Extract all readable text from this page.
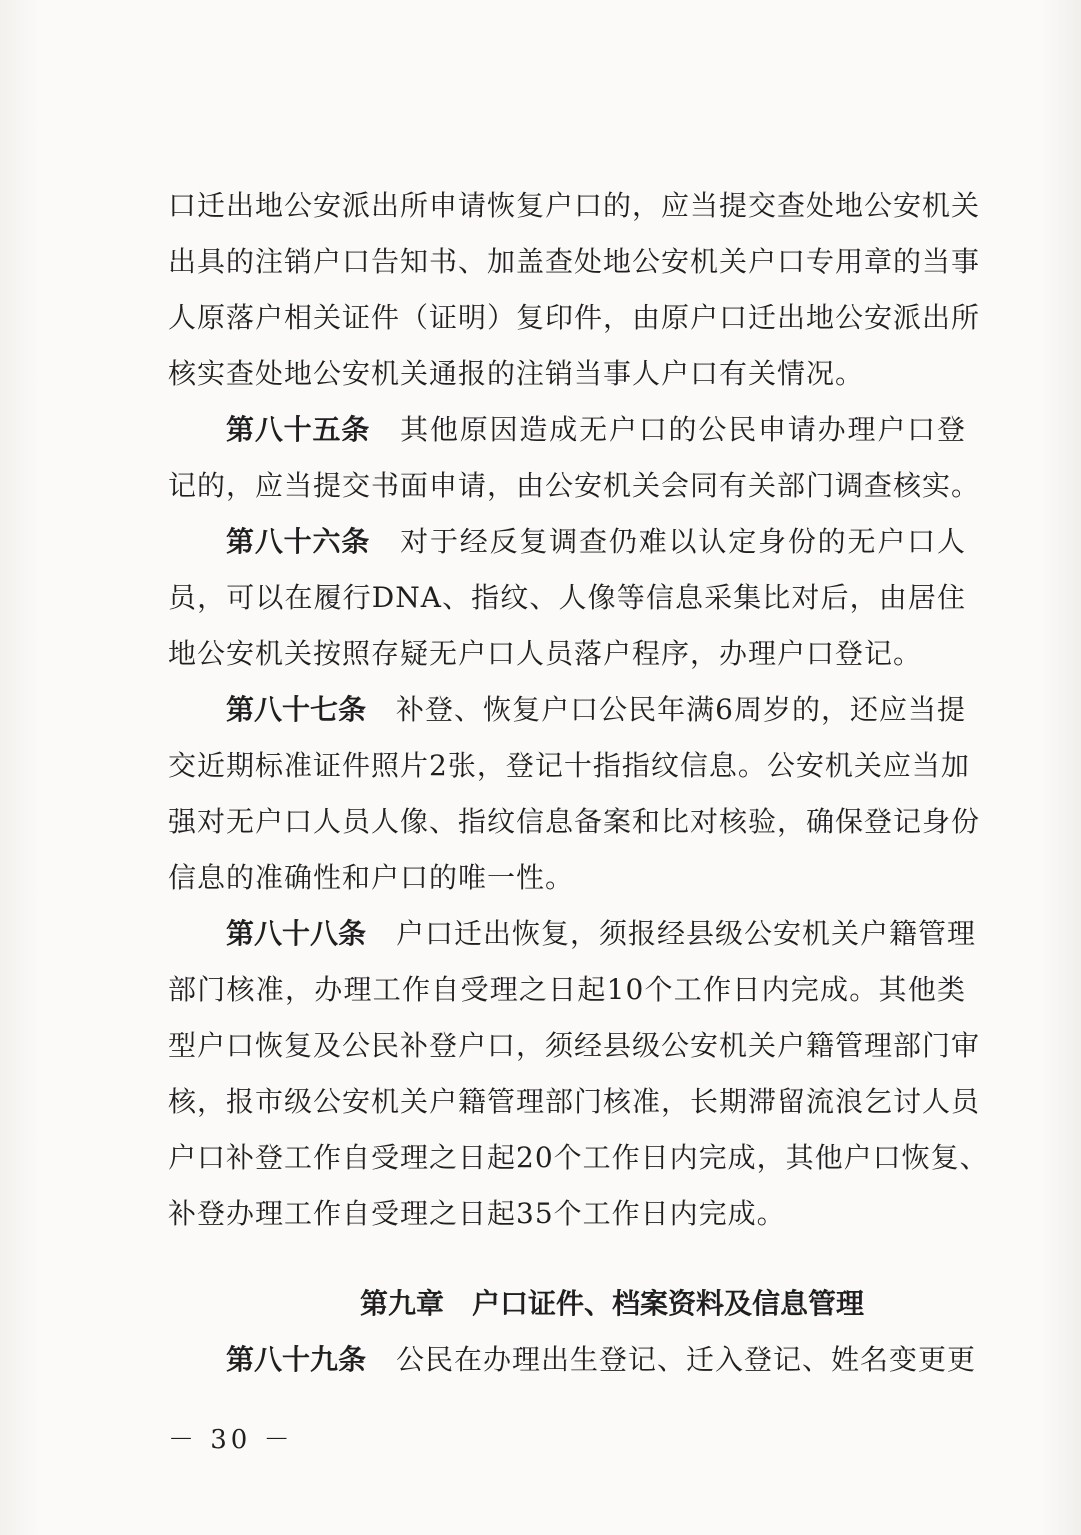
口迁出地公安派出所申请恢复户口的，应当提交查处地公安机关
出具的注销户口告知书、加盖查处地公安机关户口专用章的当事
人原落户相关证件（证明）复印件，由原户口迁出地公安派出所
核实查处地公安机关通报的注销当事人户口有关情况。
第八十五条 其他原因造成无户口的公民申请办理户口登
记的，应当提交书面申请，由公安机关会同有关部门调查核实。
第八十六条 对于经反复调查仍难以认定身份的无户口人
员，可以在履行DNA、指纹、人像等信息采集比对后，由居住
地公安机关按照存疑无户口人员落户程序，办理户口登记。
第八十七条 补登、恢复户口公民年满6周岁的，还应当提
交近期标准证件照片2张，登记十指指纹信息。公安机关应当加
强对无户口人员人像、指纹信息备案和比对核验，确保登记身份
信息的准确性和户口的唯一性。
第八十八条 户口迁出恢复，须报经县级公安机关户籍管理
部门核准，办理工作自受理之日起10个工作日内完成。其他类
型户口恢复及公民补登户口，须经县级公安机关户籍管理部门审
核，报市级公安机关户籍管理部门核准，长期滞留流浪乞讨人员
户口补登工作自受理之日起20个工作日内完成，其他户口恢复、
补登办理工作自受理之日起35个工作日内完成。
第九章 户口证件、档案资料及信息管理
第八十九条 公民在办理出生登记、迁入登记、姓名变更更
－ 30 －
